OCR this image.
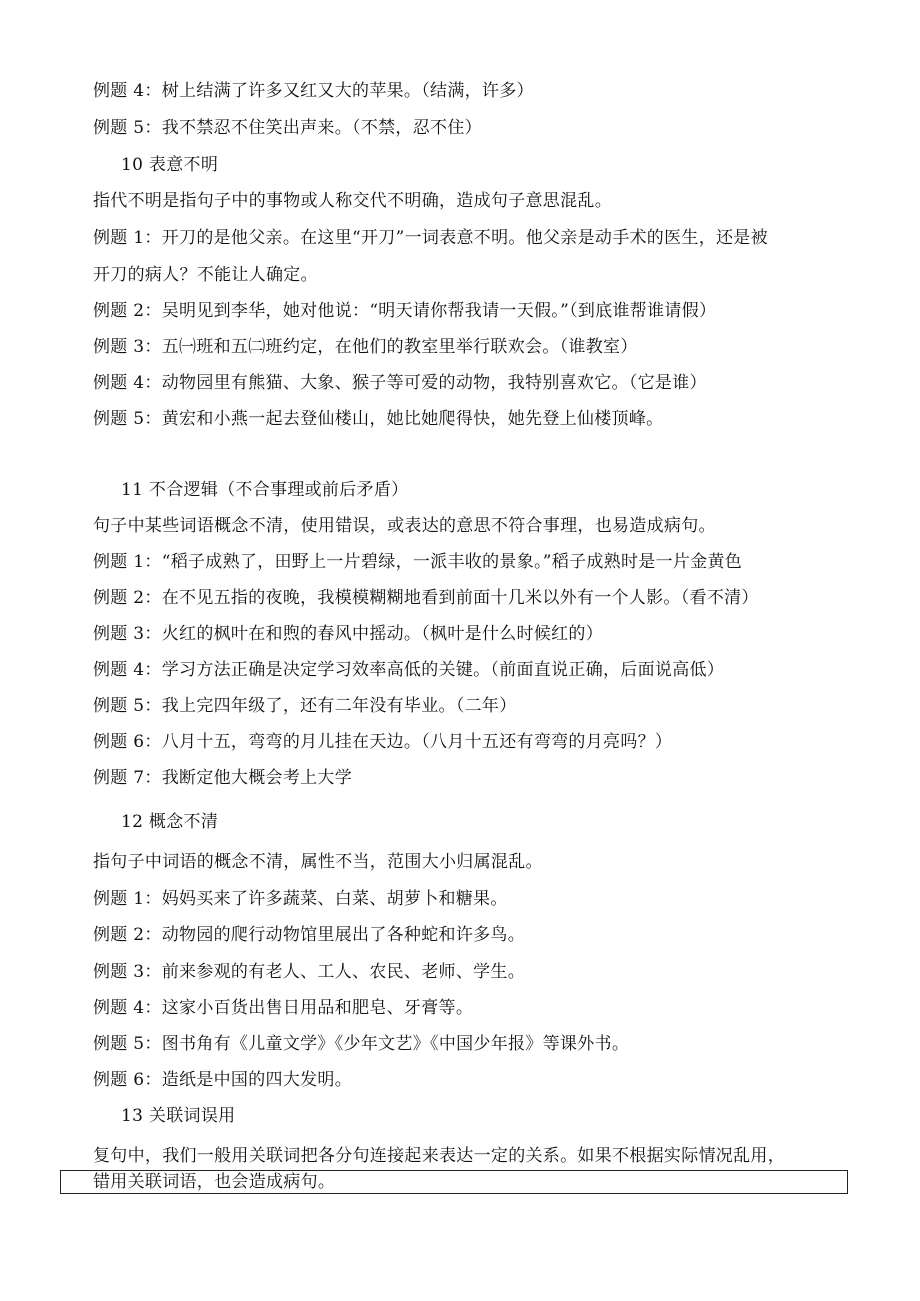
例题 4：树上结满了许多又红又大的苹果。（结满，许多）
例题 5：我不禁忍不住笑出声来。（不禁，忍不住）
10 表意不明
指代不明是指句子中的事物或人称交代不明确，造成句子意思混乱。
例题 1：开刀的是他父亲。在这里“开刀”一词表意不明。他父亲是动手术的医生，还是被
开刀的病人？不能让人确定。
例题 2：吴明见到李华，她对他说：“明天请你帮我请一天假。”（到底谁帮谁请假）
例题 3：五㈠班和五㈡班约定，在他们的教室里举行联欢会。（谁教室）
例题 4：动物园里有熊猫、大象、猴子等可爱的动物，我特别喜欢它。（它是谁）
例题 5：黄宏和小燕一起去登仙楼山，她比她爬得快，她先登上仙楼顶峰。
11 不合逻辑（不合事理或前后矛盾）
句子中某些词语概念不清，使用错误，或表达的意思不符合事理，也易造成病句。
例题 1：“稻子成熟了，田野上一片碧绿，一派丰收的景象。”稻子成熟时是一片金黄色
例题 2：在不见五指的夜晚，我模模糊糊地看到前面十几米以外有一个人影。（看不清）
例题 3：火红的枫叶在和煦的春风中摇动。（枫叶是什么时候红的）
例题 4：学习方法正确是决定学习效率高低的关键。（前面直说正确，后面说高低）
例题 5：我上完四年级了，还有二年没有毕业。（二年）
例题 6：八月十五，弯弯的月儿挂在天边。（八月十五还有弯弯的月亮吗？）
例题 7：我断定他大概会考上大学
12 概念不清
指句子中词语的概念不清，属性不当，范围大小归属混乱。
例题 1：妈妈买来了许多蔬菜、白菜、胡萝卜和糖果。
例题 2：动物园的爬行动物馆里展出了各种蛇和许多鸟。
例题 3：前来参观的有老人、工人、农民、老师、学生。
例题 4：这家小百货出售日用品和肥皂、牙膏等。
例题 5：图书角有《儿童文学》《少年文艺》《中国少年报》等课外书。
例题 6：造纸是中国的四大发明。
13 关联词误用
复句中，我们一般用关联词把各分句连接起来表达一定的关系。如果不根据实际情况乱用，
错用关联词语，也会造成病句。
